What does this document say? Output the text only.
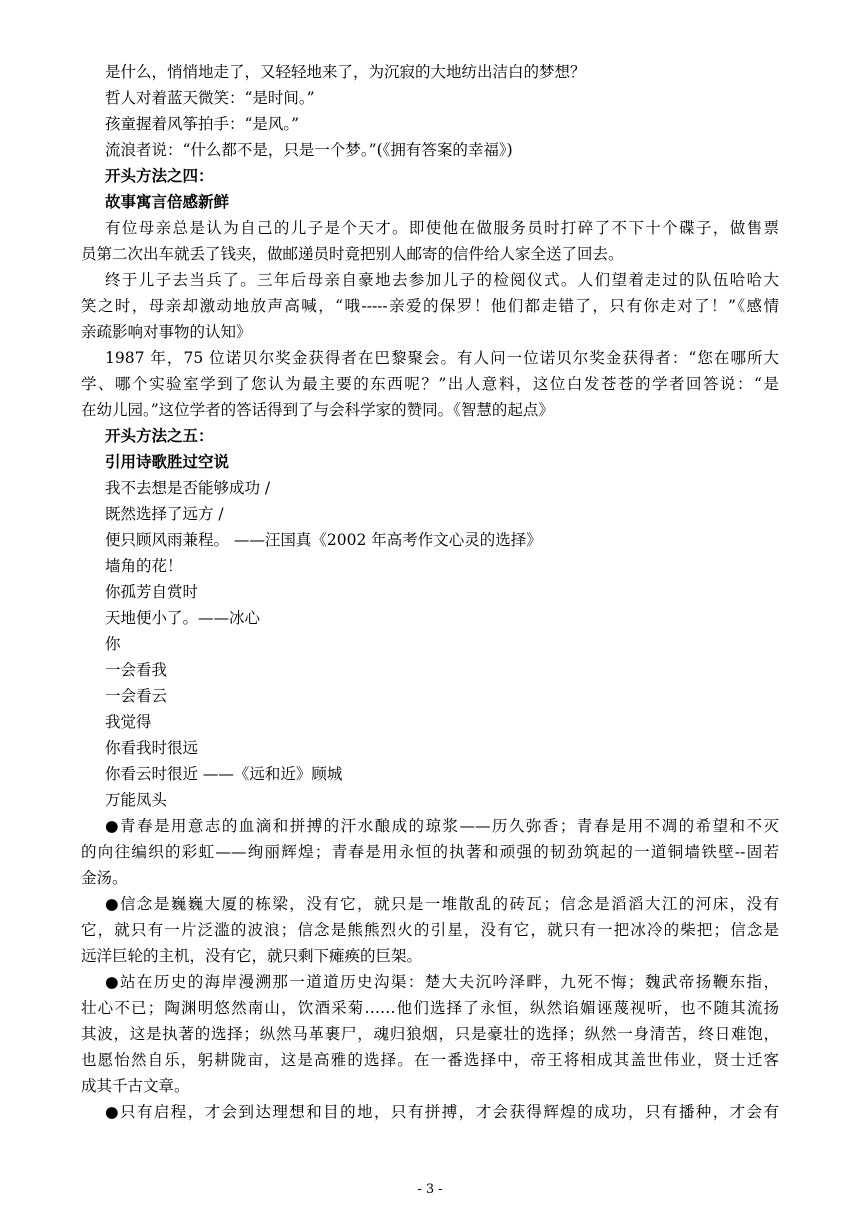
是什么，悄悄地走了，又轻轻地来了，为沉寂的大地纺出洁白的梦想？
哲人对着蓝天微笑：“是时间。”
孩童握着风筝拍手：“是风。”
流浪者说：“什么都不是，只是一个梦。”(《拥有答案的幸福》)
开头方法之四：
故事寓言倍感新鲜
有位母亲总是认为自己的儿子是个天才。即使他在做服务员时打碎了不下十个碟子，做售票
员第二次出车就丢了钱夹，做邮递员时竟把别人邮寄的信件给人家全送了回去。
终于儿子去当兵了。三年后母亲自豪地去参加儿子的检阅仪式。人们望着走过的队伍哈哈大
笑之时，母亲却激动地放声高喊，“哦-----亲爱的保罗！他们都走错了，只有你走对了！”《感情
亲疏影响对事物的认知》
1987 年，75 位诺贝尔奖金获得者在巴黎聚会。有人问一位诺贝尔奖金获得者：“您在哪所大
学、哪个实验室学到了您认为最主要的东西呢？”出人意料，这位白发苍苍的学者回答说：“是
在幼儿园。”这位学者的答话得到了与会科学家的赞同。《智慧的起点》
开头方法之五：
引用诗歌胜过空说
我不去想是否能够成功 /
既然选择了远方 /
便只顾风雨兼程。 ——汪国真《2002 年高考作文心灵的选择》
墙角的花！
你孤芳自赏时
天地便小了。——冰心
你
一会看我
一会看云
我觉得
你看我时很远
你看云时很近 ——《远和近》顾城
万能凤头
●青春是用意志的血滴和拼搏的汗水酿成的琼浆——历久弥香；青春是用不凋的希望和不灭
的向往编织的彩虹——绚丽辉煌；青春是用永恒的执著和顽强的韧劲筑起的一道铜墙铁壁--固若
金汤。
●信念是巍巍大厦的栋梁，没有它，就只是一堆散乱的砖瓦；信念是滔滔大江的河床，没有
它，就只有一片泛滥的波浪；信念是熊熊烈火的引星，没有它，就只有一把冰冷的柴把；信念是
远洋巨轮的主机，没有它，就只剩下瘫痪的巨架。
●站在历史的海岸漫溯那一道道历史沟渠：楚大夫沉吟泽畔，九死不悔；魏武帝扬鞭东指，
壮心不已；陶渊明悠然南山，饮酒采菊……他们选择了永恒，纵然谄媚诬蔑视听，也不随其流扬
其波，这是执著的选择；纵然马革裹尸，魂归狼烟，只是豪壮的选择；纵然一身清苦，终日难饱，
也愿怡然自乐，躬耕陇亩，这是高雅的选择。在一番选择中，帝王将相成其盖世伟业，贤士迁客
成其千古文章。
●只有启程，才会到达理想和目的地，只有拼搏，才会获得辉煌的成功，只有播种，才会有
- 3 -
